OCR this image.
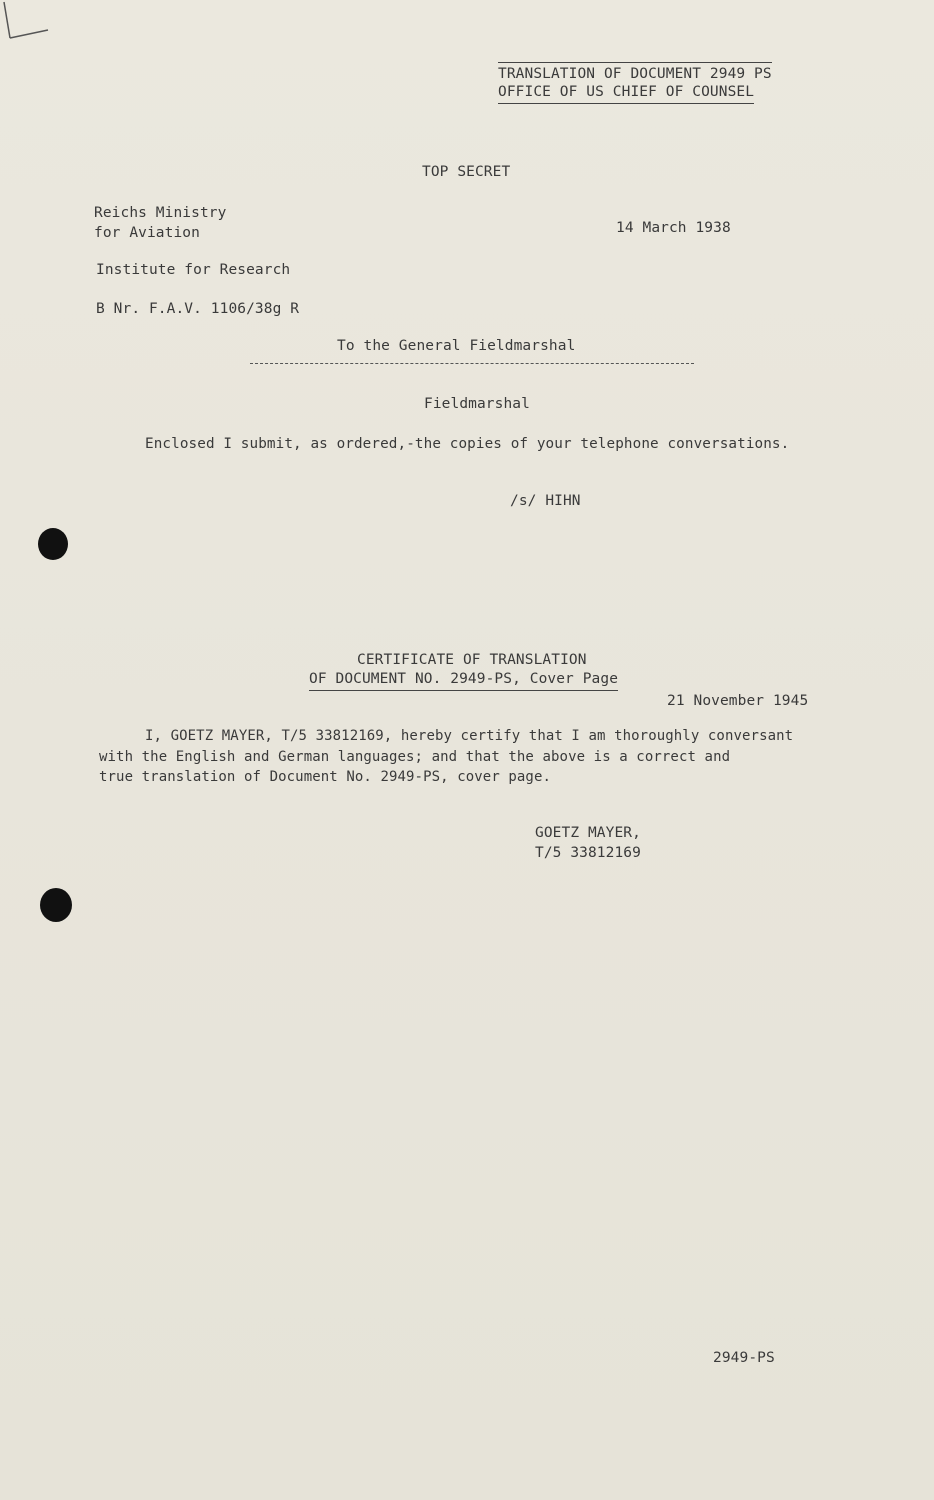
TRANSLATION OF DOCUMENT 2949 PS
OFFICE OF US CHIEF OF COUNSEL
TOP SECRET
Reichs Ministry
for Aviation	14 March 1938
Institute for Research
B Nr. F.A.V. 1106/38g R
To the General Fieldmarshal
Fieldmarshal
Enclosed I submit, as ordered,-the copies of your telephone conversations.
/s/ HIHN
CERTIFICATE OF TRANSLATION
OF DOCUMENT NO. 2949-PS, Cover Page
21 November 1945
I, GOETZ MAYER, T/5 33812169, hereby certify that I am thoroughly conversant
with the English and German languages; and that the above is a correct and
true translation of Document No. 2949-PS, cover page.
GOETZ MAYER,
T/5 33812169
2949-PS
